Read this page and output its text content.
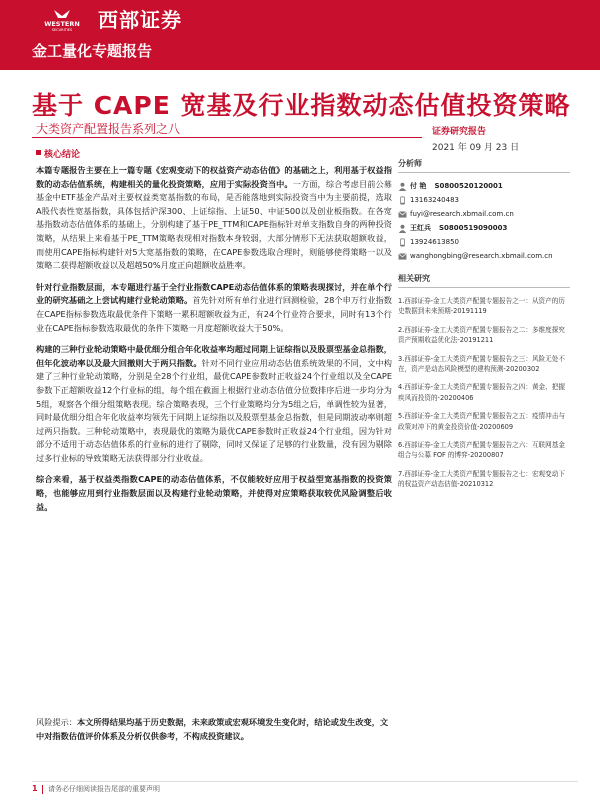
WESTERN
SECURITIES 西部证券
金工量化专题报告
基于 CAPE 宽基及行业指数动态估值投资策略
大类资产配置报告系列之八	证券研究报告
2021 年 09 月 23 日
核心结论

本篇专题报告主要在上一篇专题《宏观变动下的权益资产动态估值》的基础之上，利用基于权益指数的动态估值系统，构建相关的量化投资策略，应用于实际投资当中。一方面，综合考虑目前公募基金中ETF基金产品对主要权益类宽基指数的布局，是否能落地到实际投资当中为主要前提，选取A股代表性宽基指数，具体包括沪深300、上证综指、上证50、中证500以及创业板指数。在各宽基指数动态估值体系的基础上，分别构建了基于PE_TTM和CAPE指标针对单支指数自身的两种投资策略，从结果上来看基于PE_TTM策略表现相对指数本身较弱，大部分情形下无法获取超额收益，而使用CAPE指标构建针对5大宽基指数的策略，在CAPE参数选取合理时，则能够使得策略一以及策略二获得超额收益以及超越50%月度正向超额收益胜率。

针对行业指数层面，本专题进行基于全行业指数CAPE动态估值体系的策略表现探讨，并在单个行业的研究基础之上尝试构建行业轮动策略。首先针对所有单行业进行回测检验，28个申万行业指数在CAPE指标参数选取最优条件下策略一累积超额收益为正，有24个行业符合要求，同时有13个行业在CAPE指标参数选取最优的条件下策略一月度超额收益大于50%。

构建的三种行业轮动策略中最优细分组合年化收益率均超过同期上证综指以及股票型基金总指数，但年化波动率以及最大回撤则大于两只指数。针对不同行业应用动态估值系统效果的不同，文中构建了三种行业轮动策略，分别是全28个行业组，最优CAPE参数时正收益24个行业组以及全CAPE参数下正超额收益12个行业标的组，每个组在截面上根据行业动态估值分位数排序后进一步均分为5组，观察各个细分组策略表现。综合策略表现，三个行业策略均分为5组之后，单调性较为显著，同时最优细分组合年化收益率均领先于同期上证综指以及股票型基金总指数，但是同期波动率则超过两只指数。三种轮动策略中，表现最优的策略为最优CAPE参数时正收益24个行业组，因为针对部分不适用于动态估值体系的行业标的进行了剔除，同时又保证了足够的行业数量，没有因为剔除过多行业标的导致策略无法获得部分行业收益。

综合来看，基于权益类指数CAPE的动态估值体系，不仅能较好应用于权益型宽基指数的投资策略，也能够应用到行业指数层面以及构建行业轮动策略，并使得对应策略获取较优风险调整后收益。

分析师
付 艳 S0800520120001
13163240483
fuyi@research.xbmail.com.cn
王红兵 S0800519090003
13924613850
wanghongbing@research.xbmail.com.cn
相关研究
1.西部证券-金工大类资产配置专题报告之一：从资产的历史数据到未来预期-20191119
2.西部证券-金工大类资产配置专题报告之二：多维度探究资产预期收益优化法-20191211
3.西部证券-金工大类资产配置专题报告之三：风险无处不在，资产是动态风险模型的建构预测-20200302
4.西部证券-金工大类资产配置专题报告之四：黄金、把握疾风而投资的-20200406
5.西部证券-金工大类资产配置专题报告之五：疫情冲击与政策对冲下的黄金投资价值-20200609
6.西部证券-金工大类资产配置专题报告之六：互联网基金组合与公募 FOF 的博弈-20200807
7.西部证券-金工大类资产配置专题报告之七：宏观变动下的权益资产动态估值-20210312
风险提示：本文所得结果均基于历史数据，未来政策或宏观环境发生变化时，结论或发生改变，文中对指数估值评价体系及分析仅供参考，不构成投资建议。
1 请务必仔细阅读报告尾部的重要声明
